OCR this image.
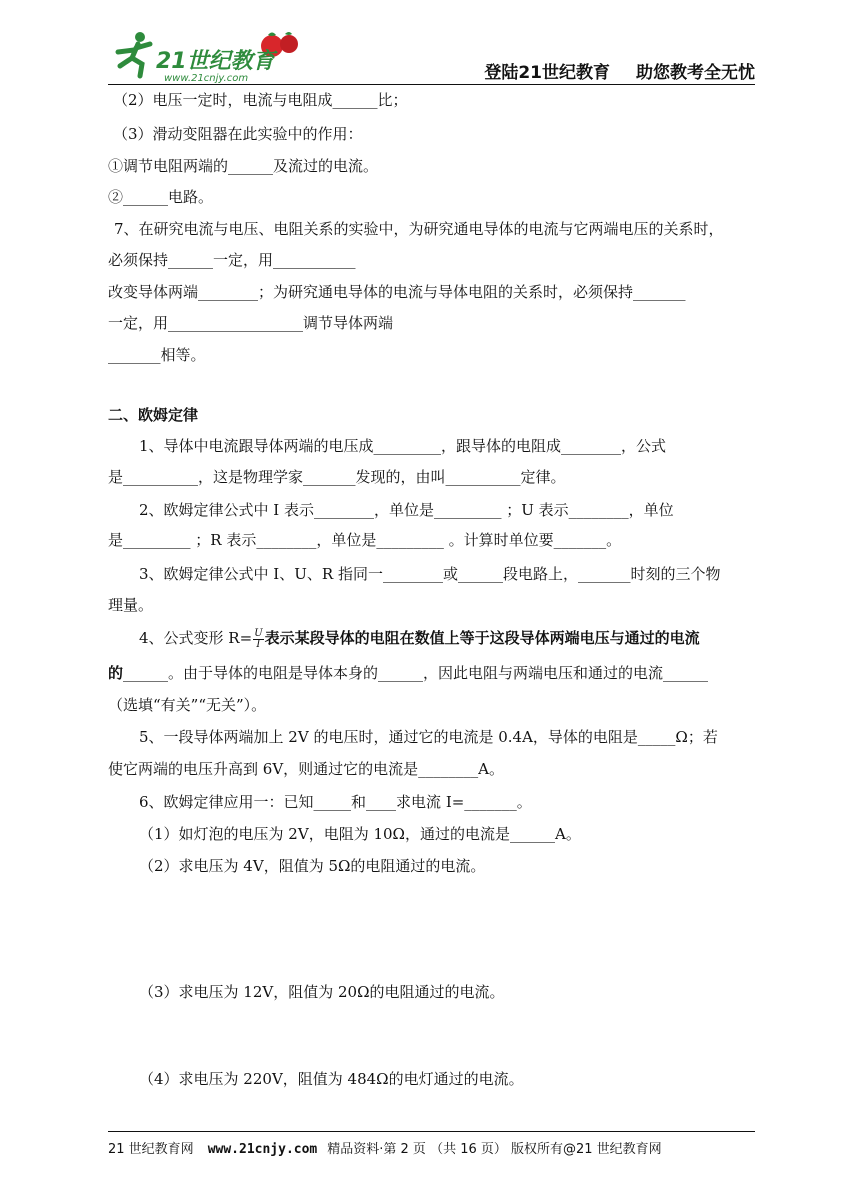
21世纪教育
www.21cnjy.com	登陆21世纪教育 助您教考全无忧
（2）电压一定时，电流与电阻成______比；
（3）滑动变阻器在此实验中的作用：
①调节电阻两端的______及流过的电流。
②______电路。
7、在研究电流与电压、电阻关系的实验中，为研究通电导体的电流与它两端电压的关系时，
必须保持______一定，用___________
改变导体两端________；为研究通电导体的电流与导体电阻的关系时，必须保持_______
一定，用__________________调节导体两端
_______相等。
二、欧姆定律
1、导体中电流跟导体两端的电压成_________，跟导体的电阻成________，公式
是__________，这是物理学家_______发现的，由叫__________定律。
2、欧姆定律公式中 I 表示________，单位是_________ ；U 表示________，单位
是_________ ；R 表示________，单位是_________ 。计算时单位要_______。
3、欧姆定律公式中 I、U、R 指同一________或______段电路上，_______时刻的三个物
理量。
4、公式变形 $R= \frac{U}{I}$ 表示某段导体的电阻在数值上等于这段导体两端电压与通过的电流
的______。由于导体的电阻是导体本身的______，因此电阻与两端电压和通过的电流______
（选填“有关”“无关”）。
5、一段导体两端加上 2V 的电压时，通过它的电流是 0.4A，导体的电阻是_____Ω；若
使它两端的电压升高到 6V，则通过它的电流是________A。
6、欧姆定律应用一：已知_____和____求电流 I=_______。
（1）如灯泡的电压为 2V，电阻为 10Ω，通过的电流是______A。
（2）求电压为 4V，阻值为 5Ω的电阻通过的电流。
（3）求电压为 12V，阻值为 20Ω的电阻通过的电流。
（4）求电压为 220V，阻值为 484Ω的电灯通过的电流。
21 世纪教育网 www.21cnjy.com 精品资料·第 2 页 （共 16 页） 版权所有@21 世纪教育网
